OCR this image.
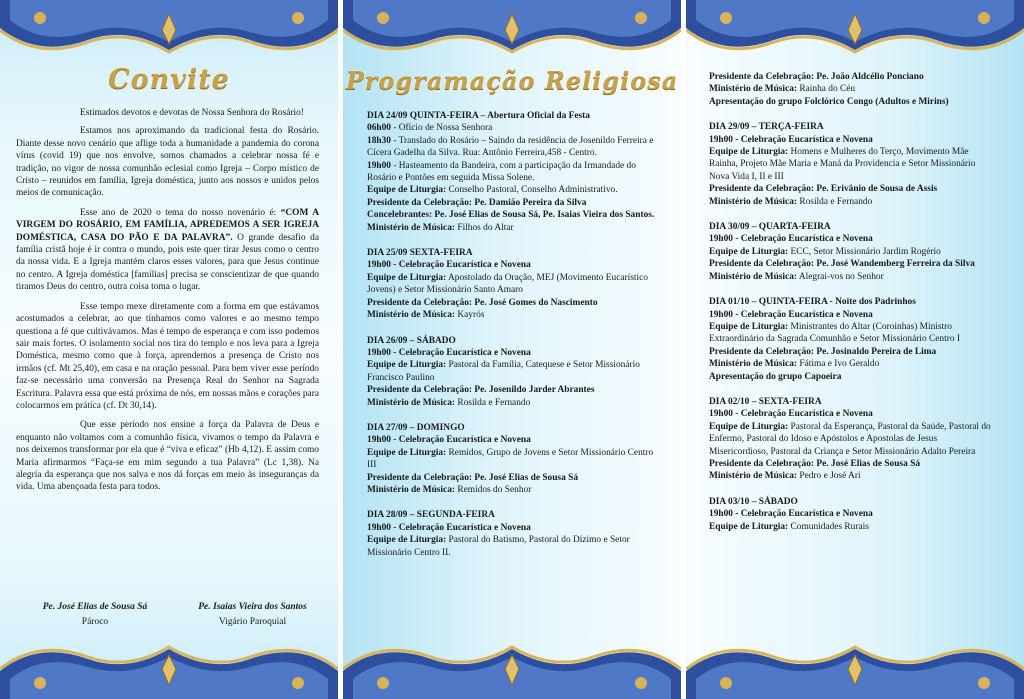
Convite

Estimados devotos e devotas de Nossa Senhora do Rosário!

Estamos nos aproximando da tradicional festa do Rosário. Diante desse novo cenário que aflige toda a humanidade a pandemia do corona vírus (covid 19) que nos envolve, somos chamados a celebrar nossa fé e tradição, no vigor de nossa comunhão eclesial como Igreja – Corpo místico de Cristo – reunidos em família, Igreja doméstica, junto aos nossos e unidos pelos meios de comunicação.

Esse ano de 2020 o tema do nosso novenário é: “COM A VIRGEM DO ROSÁRIO, EM FAMÍLIA, APREDEMOS A SER IGREJA DOMÉSTICA, CASA DO PÃO E DA PALAVRA”. O grande desafio da família cristã hoje é ir contra o mundo, pois este quer tirar Jesus como o centro da nossa vida. E a Igreja mantém claros esses valores, para que Jesus continue no centro. A Igreja doméstica [famílias] precisa se conscientizar de que quando tiramos Deus do centro, outra coisa toma o lugar.

Esse tempo mexe diretamente com a forma em que estávamos acostumados a celebrar, ao que tínhamos como valores e ao mesmo tempo questiona a fé que cultivávamos. Mas é tempo de esperança e com isso podemos sair mais fortes. O isolamento social nos tira do templo e nos leva para a Igreja Doméstica, mesmo como que à força, aprendemos a presença de Cristo nos irmãos (cf. Mt 25,40), em casa e na oração pessoal. Para bem viver esse período faz-se necessário uma conversão na Presença Real do Senhor na Sagrada Escritura. Palavra essa que está próxima de nós, em nossas mãos e corações para colocarmos em prática (cf. Dt 30,14).

Que esse período nos ensine a força da Palavra de Deus e enquanto não voltamos com a comunhão física, vivamos o tempo da Palavra e nos deixemos transformar por ela que é “viva e eficaz” (Hb 4,12). E assim como Maria afirmarmos “Faça-se em mim segundo a tua Palavra” (Lc 1,38). Na alegria da esperança que nos salva e nos dá forças em meio às inseguranças da vida. Uma abençoada festa para todos.

Pe. José Elias de Sousa Sá
Pároco
Pe. Isaias Vieira dos Santos
Vigário Paroquial
Programação Religiosa
DIA 24/09 QUINTA-FEIRA – Abertura Oficial da Festa
06h00 - Ofício de Nossa Senhora
18h30 - Translado do Rosário – Saindo da residência de Josenildo Ferreira e Cícera Gadelha da Silva. Rua: Antônio Ferreira,458 - Centro.
19h00 - Hasteamento da Bandeira, com a participação da Irmandade do Rosário e Pontões em seguida Missa Solene.
Equipe de Liturgia: Conselho Pastoral, Conselho Administrativo.
Presidente da Celebração: Pe. Damião Pereira da Silva
Concelebrantes: Pe. José Elias de Sousa Sá, Pe. Isaias Vieira dos Santos.
Ministério de Música: Filhos do Altar
DIA 25/09 SEXTA-FEIRA
19h00 - Celebração Eucarística e Novena
Equipe de Liturgia: Apostolado da Oração, MEJ (Movimento Eucarístico Jovens) e Setor Missionário Santo Amaro
Presidente da Celebração: Pe. José Gomes do Nascimento
Ministério de Música: Kayrós
DIA 26/09 – SÁBADO
19h00 - Celebração Eucarística e Novena
Equipe de Liturgia: Pastoral da Família, Catequese e Setor Missionário Francisco Paulino
Presidente da Celebração: Pe. Josenildo Jarder Abrantes
Ministério de Música: Rosilda e Fernando
DIA 27/09 – DOMINGO
19h00 - Celebração Eucarística e Novena
Equipe de Liturgia: Remidos, Grupo de Jovens e Setor Missionário Centro III
Presidente da Celebração: Pe. José Elias de Sousa Sá
Ministério de Música: Remidos do Senhor
DIA 28/09 – SEGUNDA-FEIRA
19h00 - Celebração Eucarística e Novena
Equipe de Liturgia: Pastoral do Batismo, Pastoral do Dízimo e Setor Missionário Centro II.
Presidente da Celebração: Pe. João Aldcélio Ponciano
Ministério de Música: Rainha do Céu
Apresentação do grupo Folclórico Congo (Adultos e Mirins)
DIA 29/09 – TERÇA-FEIRA
19h00 - Celebração Eucarística e Novena
Equipe de Liturgia: Homens e Mulheres do Terço, Movimento Mãe Rainha, Projeto Mãe Maria e Maná da Providencia e Setor Missionário Nova Vida I, II e III
Presidente da Celebração: Pe. Erivânio de Sousa de Assis
Ministério de Música: Rosilda e Fernando
DIA 30/09 – QUARTA-FEIRA
19h00 - Celebração Eucarística e Novena
Equipe de Liturgia: ECC, Setor Missionário Jardim Rogério
Presidente da Celebração: Pe. José Wandemberg Ferreira da Silva
Ministério de Música: Alegrai-vos no Senhor
DIA 01/10 – QUINTA-FEIRA - Noite dos Padrinhos
19h00 - Celebração Eucarística e Novena
Equipe de Liturgia: Ministrantes do Altar (Coroinhas) Ministro Extraordinário da Sagrada Comunhão e Setor Missionário Centro I
Presidente da Celebração: Pe. Josinaldo Pereira de Lima
Ministério de Música: Fátima e Ivo Geraldo
Apresentação do grupo Capoeira
DIA 02/10 – SEXTA-FEIRA
19h00 - Celebração Eucarística e Novena
Equipe de Liturgia: Pastoral da Esperança, Pastoral da Saúde, Pastoral do Enfermo, Pastoral do Idoso e Apóstolos e Apostolas de Jesus Misericordioso, Pastoral da Criança e Setor Missionário Adalto Pereira
Presidente da Celebração: Pe. José Elias de Sousa Sá
Ministério de Música: Pedro e José Ari
DIA 03/10 – SÁBADO
19h00 - Celebração Eucarística e Novena
Equipe de Liturgia: Comunidades Rurais
